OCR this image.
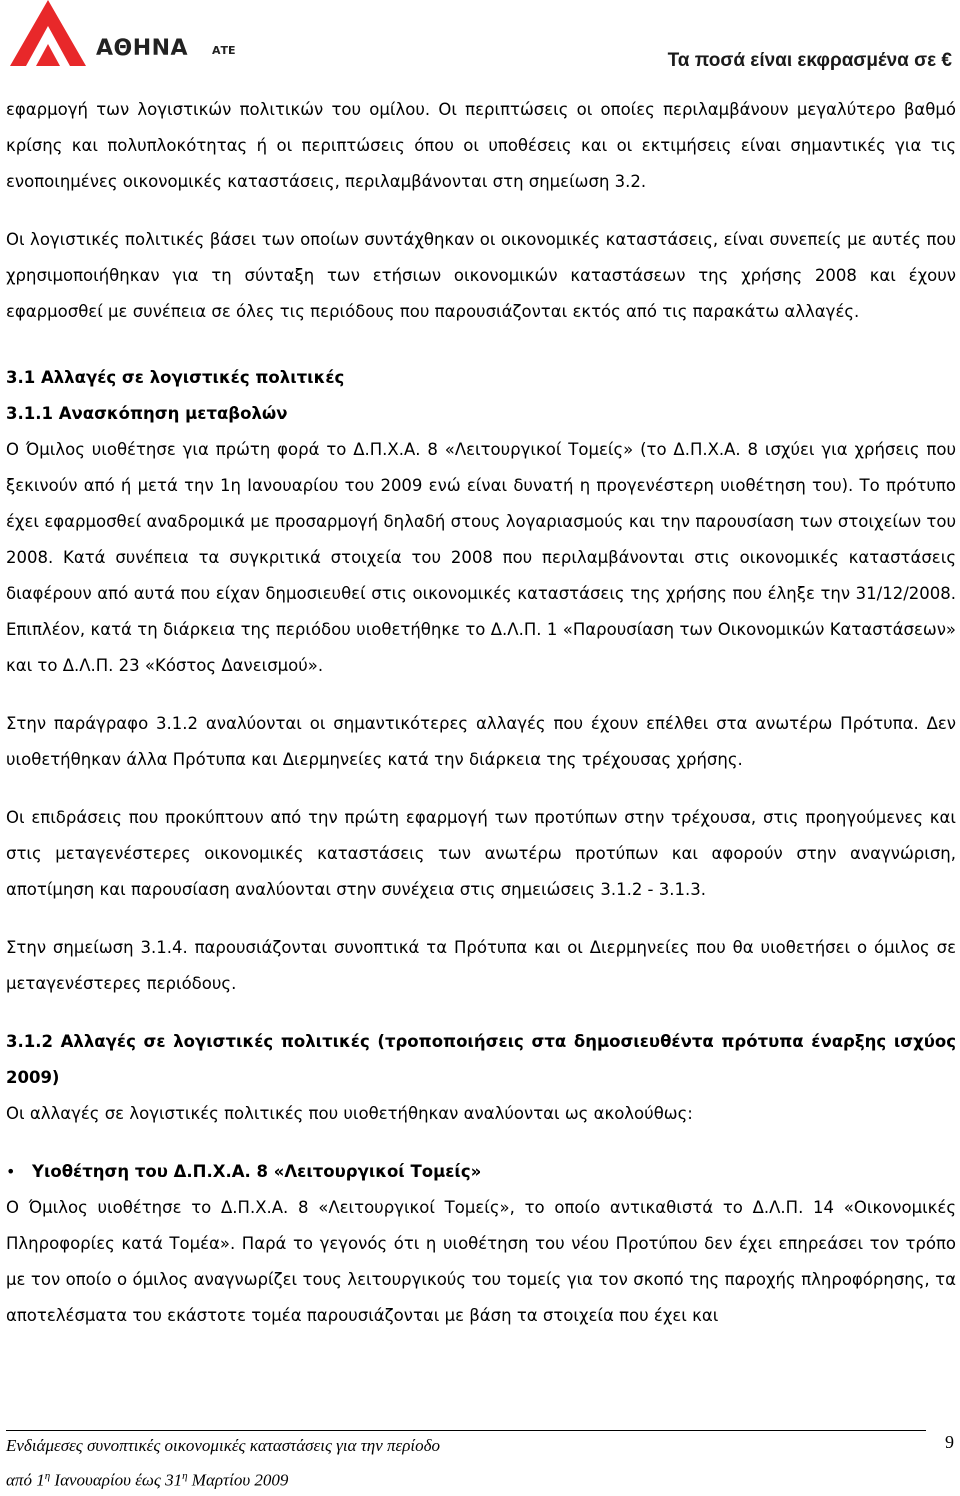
ΑΘΗΝΑ ΑΤΕ	Τα ποσά είναι εκφρασμένα σε €

εφαρμογή των λογιστικών πολιτικών του ομίλου. Οι περιπτώσεις οι οποίες περιλαμβάνουν μεγαλύτερο βαθμό κρίσης και πολυπλοκότητας ή οι περιπτώσεις όπου οι υποθέσεις και οι εκτιμήσεις είναι σημαντικές για τις ενοποιημένες οικονομικές καταστάσεις, περιλαμβάνονται στη σημείωση 3.2.

Οι λογιστικές πολιτικές βάσει των οποίων συντάχθηκαν οι οικονομικές καταστάσεις, είναι συνεπείς με αυτές που χρησιμοποιήθηκαν για τη σύνταξη των ετήσιων οικονομικών καταστάσεων της χρήσης 2008 και έχουν εφαρμοσθεί με συνέπεια σε όλες τις περιόδους που παρουσιάζονται εκτός από τις παρακάτω αλλαγές.

3.1 Αλλαγές σε λογιστικές πολιτικές

3.1.1 Ανασκόπηση μεταβολών

Ο Όμιλος υιοθέτησε για πρώτη φορά το Δ.Π.Χ.Α. 8 «Λειτουργικοί Τομείς» (το Δ.Π.Χ.Α. 8 ισχύει για χρήσεις που ξεκινούν από ή μετά την 1η Ιανουαρίου του 2009 ενώ είναι δυνατή η προγενέστερη υιοθέτηση του). Το πρότυπο έχει εφαρμοσθεί αναδρομικά με προσαρμογή δηλαδή στους λογαριασμούς και την παρουσίαση των στοιχείων του 2008. Κατά συνέπεια τα συγκριτικά στοιχεία του 2008 που περιλαμβάνονται στις οικονομικές καταστάσεις διαφέρουν από αυτά που είχαν δημοσιευθεί στις οικονομικές καταστάσεις της χρήσης που έληξε την 31/12/2008. Επιπλέον, κατά τη διάρκεια της περιόδου υιοθετήθηκε το Δ.Λ.Π. 1 «Παρουσίαση των Οικονομικών Καταστάσεων» και το Δ.Λ.Π. 23 «Κόστος Δανεισμού».

Στην παράγραφο 3.1.2 αναλύονται οι σημαντικότερες αλλαγές που έχουν επέλθει στα ανωτέρω Πρότυπα. Δεν υιοθετήθηκαν άλλα Πρότυπα και Διερμηνείες κατά την διάρκεια της τρέχουσας χρήσης.

Οι επιδράσεις που προκύπτουν από την πρώτη εφαρμογή των προτύπων στην τρέχουσα, στις προηγούμενες και στις μεταγενέστερες οικονομικές καταστάσεις των ανωτέρω προτύπων και αφορούν στην αναγνώριση, αποτίμηση και παρουσίαση αναλύονται στην συνέχεια στις σημειώσεις 3.1.2 - 3.1.3.

Στην σημείωση 3.1.4. παρουσιάζονται συνοπτικά τα Πρότυπα και οι Διερμηνείες που θα υιοθετήσει ο όμιλος σε μεταγενέστερες περιόδους.

3.1.2 Αλλαγές σε λογιστικές πολιτικές (τροποποιήσεις στα δημοσιευθέντα πρότυπα έναρξης ισχύος 2009)

Οι αλλαγές σε λογιστικές πολιτικές που υιοθετήθηκαν αναλύονται ως ακολούθως:

•	Υιοθέτηση του Δ.Π.Χ.Α. 8 «Λειτουργικοί Τομείς»

Ο Όμιλος υιοθέτησε το Δ.Π.Χ.Α. 8 «Λειτουργικοί Τομείς», το οποίο αντικαθιστά το Δ.Λ.Π. 14 «Οικονομικές Πληροφορίες κατά Τομέα». Παρά το γεγονός ότι η υιοθέτηση του νέου Προτύπου δεν έχει επηρεάσει τον τρόπο με τον οποίο ο όμιλος αναγνωρίζει τους λειτουργικούς του τομείς για τον σκοπό της παροχής πληροφόρησης, τα αποτελέσματα του εκάστοτε τομέα παρουσιάζονται με βάση τα στοιχεία που έχει και

Ενδιάμεσες συνοπτικές οικονομικές καταστάσεις για την περίοδο
από $1^\eta$ Ιανουαρίου έως $31^\eta$ Μαρτίου 2009
9
